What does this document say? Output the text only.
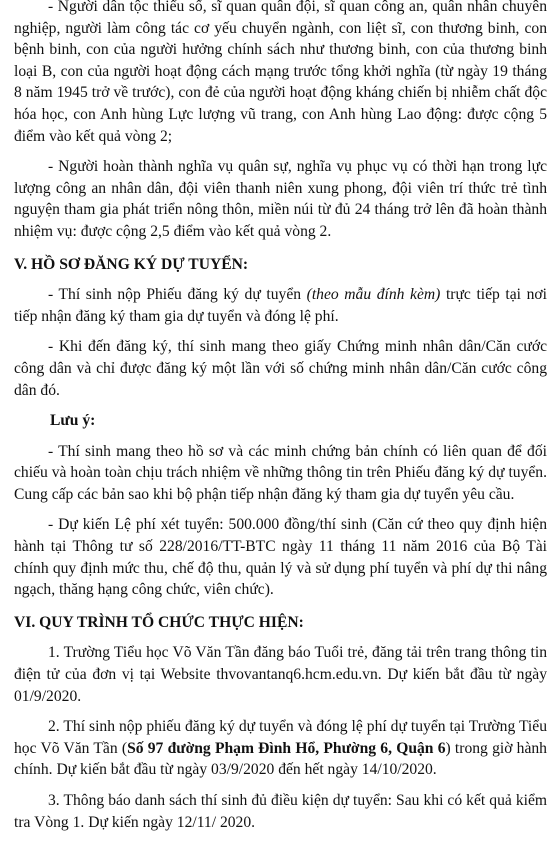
- Người dân tộc thiểu số, sĩ quan quân đội, sĩ quan công an, quân nhân chuyên nghiệp, người làm công tác cơ yếu chuyển ngành, con liệt sĩ, con thương binh, con bệnh binh, con của người hưởng chính sách như thương binh, con của thương binh loại B, con của người hoạt động cách mạng trước tổng khởi nghĩa (từ ngày 19 tháng 8 năm 1945 trở về trước), con đẻ của người hoạt động kháng chiến bị nhiễm chất độc hóa học, con Anh hùng Lực lượng vũ trang, con Anh hùng Lao động: được cộng 5 điểm vào kết quả vòng 2;

- Người hoàn thành nghĩa vụ quân sự, nghĩa vụ phục vụ có thời hạn trong lực lượng công an nhân dân, đội viên thanh niên xung phong, đội viên trí thức trẻ tình nguyện tham gia phát triển nông thôn, miền núi từ đủ 24 tháng trở lên đã hoàn thành nhiệm vụ: được cộng 2,5 điểm vào kết quả vòng 2.

V. HỒ SƠ ĐĂNG KÝ DỰ TUYỂN:

- Thí sinh nộp Phiếu đăng ký dự tuyển (theo mẫu đính kèm) trực tiếp tại nơi tiếp nhận đăng ký tham gia dự tuyển và đóng lệ phí.

- Khi đến đăng ký, thí sinh mang theo giấy Chứng minh nhân dân/Căn cước công dân và chỉ được đăng ký một lần với số chứng minh nhân dân/Căn cước công dân đó.

Lưu ý:

- Thí sinh mang theo hồ sơ và các minh chứng bản chính có liên quan để đối chiếu và hoàn toàn chịu trách nhiệm về những thông tin trên Phiếu đăng ký dự tuyển. Cung cấp các bản sao khi bộ phận tiếp nhận đăng ký tham gia dự tuyển yêu cầu.

- Dự kiến Lệ phí xét tuyển: 500.000 đồng/thí sinh (Căn cứ theo quy định hiện hành tại Thông tư số 228/2016/TT-BTC ngày 11 tháng 11 năm 2016 của Bộ Tài chính quy định mức thu, chế độ thu, quản lý và sử dụng phí tuyển và phí dự thi nâng ngạch, thăng hạng công chức, viên chức).

VI. QUY TRÌNH TỔ CHỨC THỰC HIỆN:

1. Trường Tiểu học Võ Văn Tần đăng báo Tuổi trẻ, đăng tải trên trang thông tin điện tử của đơn vị tại Website thvovantanq6.hcm.edu.vn. Dự kiến bắt đầu từ ngày 01/9/2020.

2. Thí sinh nộp phiếu đăng ký dự tuyển và đóng lệ phí dự tuyển tại Trường Tiểu học Võ Văn Tần (Số 97 đường Phạm Đình Hổ, Phường 6, Quận 6) trong giờ hành chính. Dự kiến bắt đầu từ ngày 03/9/2020 đến hết ngày 14/10/2020.

3. Thông báo danh sách thí sinh đủ điều kiện dự tuyển: Sau khi có kết quả kiểm tra Vòng 1. Dự kiến ngày 12/11/ 2020.
